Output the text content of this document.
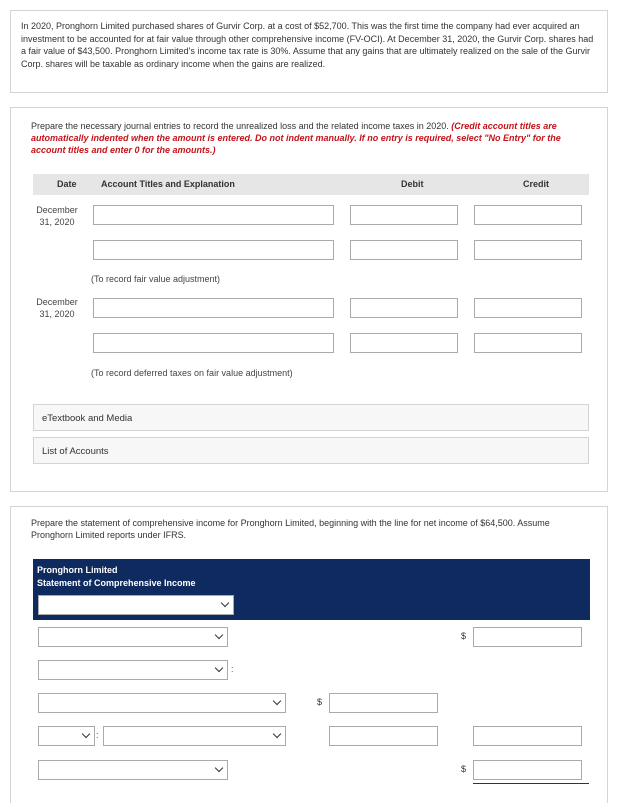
In 2020, Pronghorn Limited purchased shares of Gurvir Corp. at a cost of $52,700. This was the first time the company had ever acquired an investment to be accounted for at fair value through other comprehensive income (FV-OCI). At December 31, 2020, the Gurvir Corp. shares had a fair value of $43,500. Pronghorn Limited's income tax rate is 30%. Assume that any gains that are ultimately realized on the sale of the Gurvir Corp. shares will be taxable as ordinary income when the gains are realized.
Prepare the necessary journal entries to record the unrealized loss and the related income taxes in 2020. (Credit account titles are automatically indented when the amount is entered. Do not indent manually. If no entry is required, select "No Entry" for the account titles and enter 0 for the amounts.)
Date	Account Titles and Explanation	Debit	Credit
December
31, 2020
(To record fair value adjustment)
December
31, 2020
(To record deferred taxes on fair value adjustment)
eTextbook and Media
List of Accounts
Prepare the statement of comprehensive income for Pronghorn Limited, beginning with the line for net income of $64,500. Assume Pronghorn Limited reports under IFRS.
Pronghorn Limited
Statement of Comprehensive Income
$
:
$
:
$
